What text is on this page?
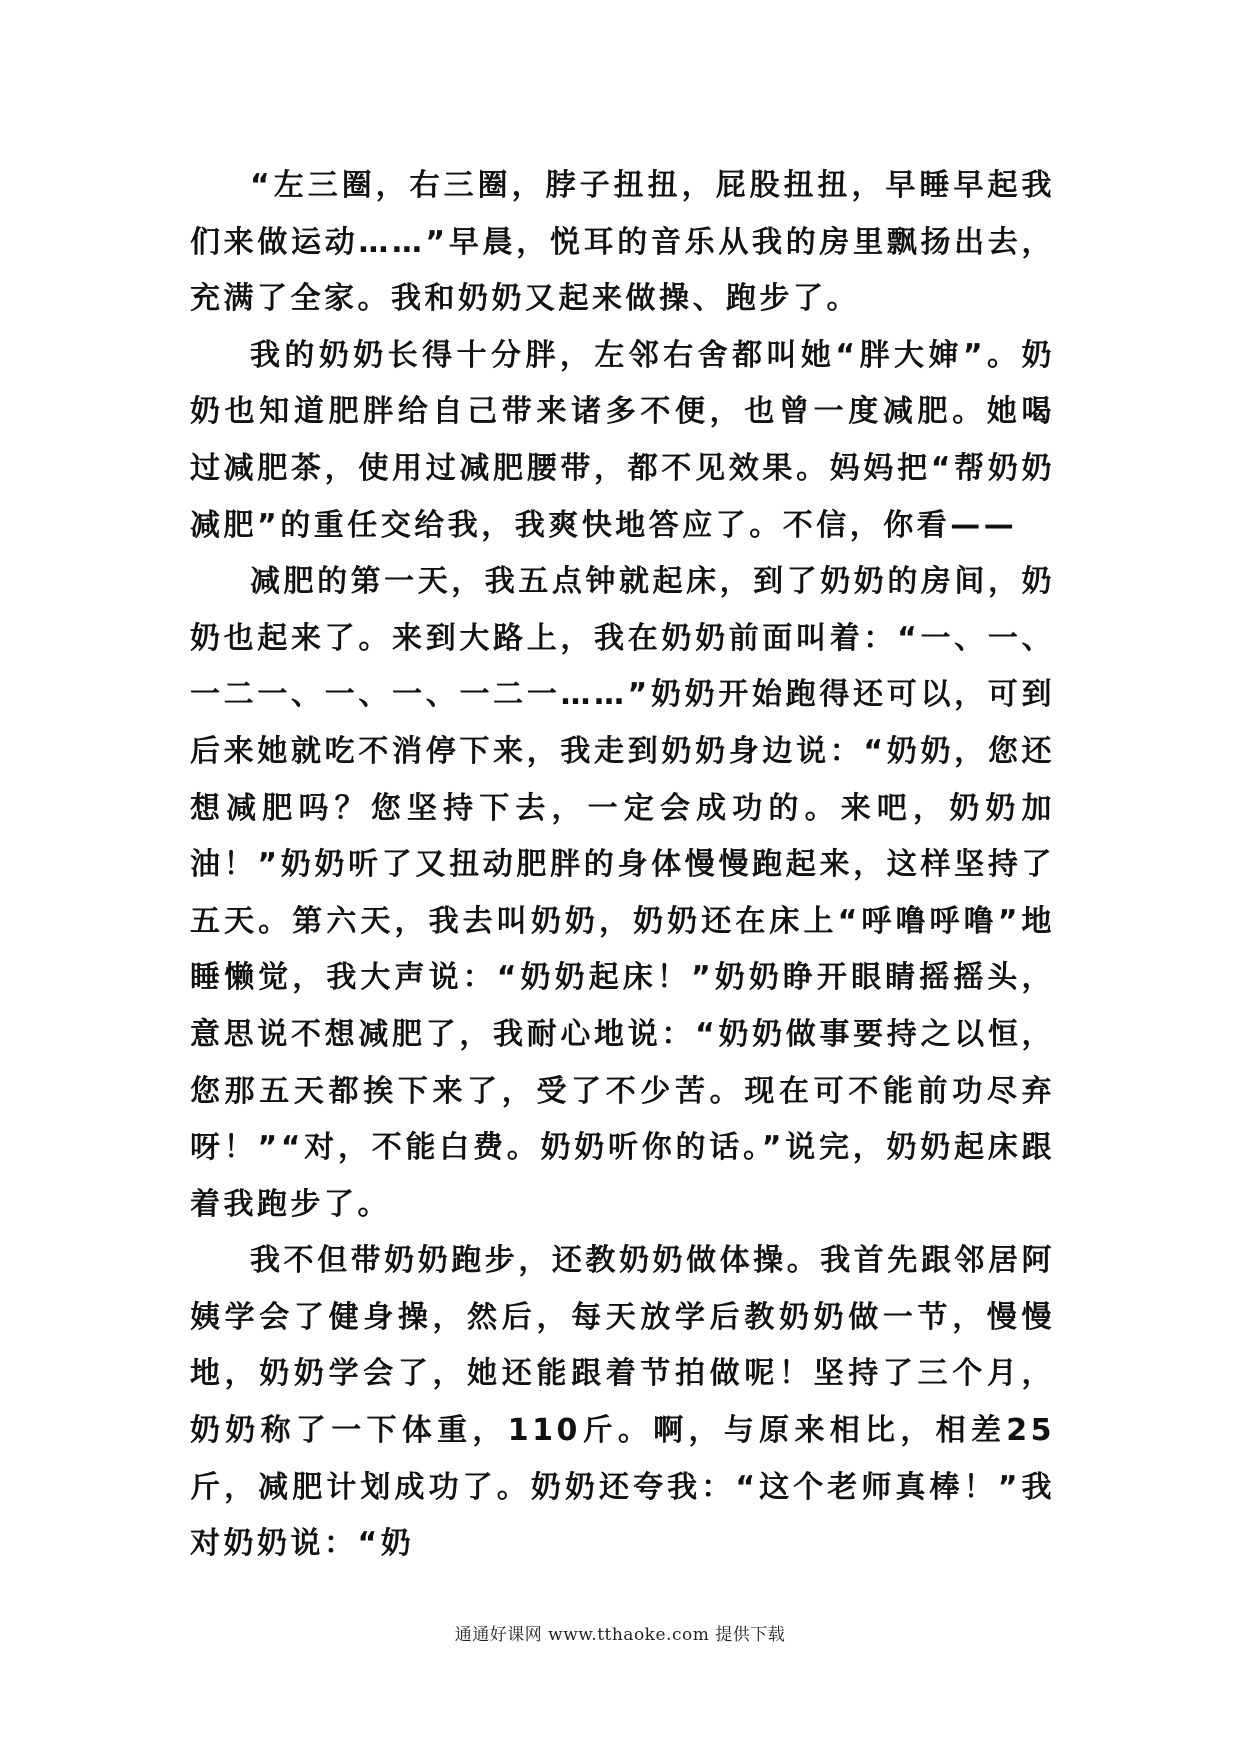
“左三圈，右三圈，脖子扭扭，屁股扭扭，早睡早起我们来做运动……”早晨，悦耳的音乐从我的房里飘扬出去，充满了全家。我和奶奶又起来做操、跑步了。

我的奶奶长得十分胖，左邻右舍都叫她“胖大婶”。奶奶也知道肥胖给自己带来诸多不便，也曾一度减肥。她喝过减肥茶，使用过减肥腰带，都不见效果。妈妈把“帮奶奶减肥”的重任交给我，我爽快地答应了。不信，你看——

减肥的第一天，我五点钟就起床，到了奶奶的房间，奶奶也起来了。来到大路上，我在奶奶前面叫着：“一、一、一二一、一、一、一二一……”奶奶开始跑得还可以，可到后来她就吃不消停下来，我走到奶奶身边说：“奶奶，您还想减肥吗？您坚持下去，一定会成功的。来吧，奶奶加油！”奶奶听了又扭动肥胖的身体慢慢跑起来，这样坚持了五天。第六天，我去叫奶奶，奶奶还在床上“呼噜呼噜”地睡懒觉，我大声说：“奶奶起床！”奶奶睁开眼睛摇摇头，意思说不想减肥了，我耐心地说：“奶奶做事要持之以恒，您那五天都挨下来了，受了不少苦。现在可不能前功尽弃呀！”“对，不能白费。奶奶听你的话。”说完，奶奶起床跟着我跑步了。

我不但带奶奶跑步，还教奶奶做体操。我首先跟邻居阿姨学会了健身操，然后，每天放学后教奶奶做一节，慢慢地，奶奶学会了，她还能跟着节拍做呢！坚持了三个月，奶奶称了一下体重，110斤。啊，与原来相比，相差25斤，减肥计划成功了。奶奶还夸我：“这个老师真棒！”我对奶奶说：“奶

通通好课网 www.tthaoke.com 提供下载
